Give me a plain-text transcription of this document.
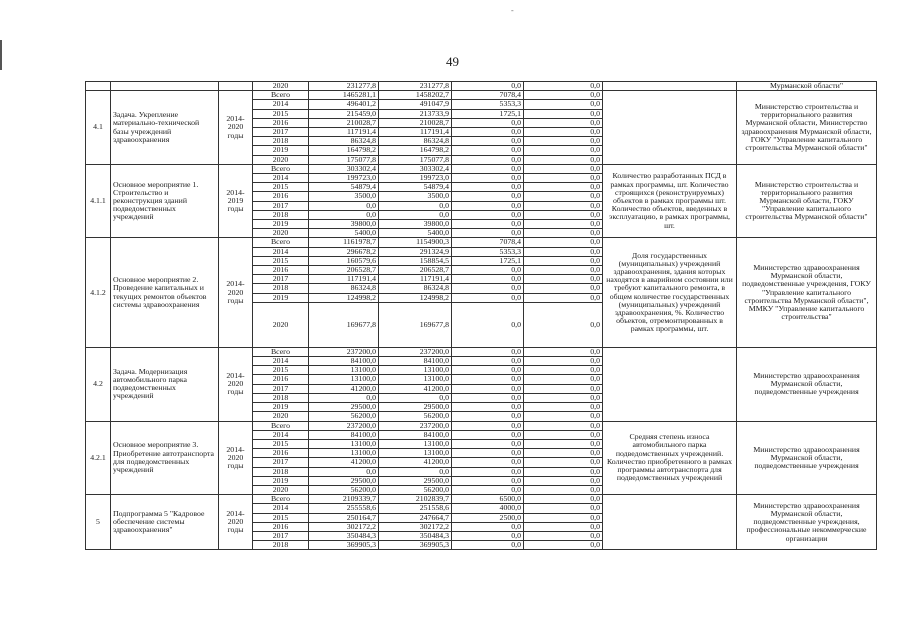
-
49
			2020	231277,8	231277,8	0,0	0,0		Мурманской области"
4.1	Задача. Укрепление материально-технической базы учреждений здравоохранения	2014-2020 годы	Всего	1465281,1	1458202,7	7078,4	0,0		Министерство строительства и территориального развития Мурманской области, Министерство здравоохранения Мурманской области, ГОКУ "Управление капитального строительства Мурманской области"
			2014	496401,2	491047,9	5353,3	0,0		
			2015	215459,0	213733,9	1725,1	0,0		
			2016	210028,7	210028,7	0,0	0,0		
			2017	117191,4	117191,4	0,0	0,0		
			2018	86324,8	86324,8	0,0	0,0		
			2019	164798,2	164798,2	0,0	0,0		
			2020	175077,8	175077,8	0,0	0,0		
4.1.1	Основное мероприятие 1. Строительство и реконструкция зданий подведомственных учреждений	2014-2019 годы	Всего	303302,4	303302,4	0,0	0,0	Количество разработанных ПСД в рамках программы, шт. Количество строящихся (реконструируемых) объектов в рамках программы шт. Количество объектов, введенных в эксплуатацию, в рамках программы, шт.	Министерство строительства и территориального развития Мурманской области, ГОКУ "Управление капитального строительства Мурманской области"
			2014	199723,0	199723,0	0,0	0,0		
			2015	54879,4	54879,4	0,0	0,0		
			2016	3500,0	3500,0	0,0	0,0		
			2017	0,0	0,0	0,0	0,0		
			2018	0,0	0,0	0,0	0,0		
			2019	39800,0	39800,0	0,0	0,0		
			2020	5400,0	5400,0	0,0	0,0		
4.1.2	Основное мероприятие 2. Проведение капитальных и текущих ремонтов объектов системы здравоохранения	2014-2020 годы	Всего	1161978,7	1154900,3	7078,4	0,0	Доля государственных (муниципальных) учреждений здравоохранения, здания которых находятся в аварийном состоянии или требуют капитального ремонта, в общем количестве государственных (муниципальных) учреждений здравоохранения, %. Количество объектов, отремонтированных в рамках программы, шт.	Министерство здравоохранения Мурманской области, подведомственные учреждения, ГОКУ "Управление капитального строительства Мурманской области", ММКУ "Управление капитального строительства"
			2014	296678,2	291324,9	5353,3	0,0		
			2015	160579,6	158854,5	1725,1	0,0		
			2016	206528,7	206528,7	0,0	0,0		
			2017	117191,4	117191,4	0,0	0,0		
			2018	86324,8	86324,8	0,0	0,0		
			2019	124998,2	124998,2	0,0	0,0		
			2020	169677,8	169677,8	0,0	0,0		
4.2	Задача. Модернизация автомобильного парка подведомственных учреждений	2014-2020 годы	Всего	237200,0	237200,0	0,0	0,0		Министерство здравоохранения Мурманской области, подведомственные учреждения
			2014	84100,0	84100,0	0,0	0,0		
			2015	13100,0	13100,0	0,0	0,0		
			2016	13100,0	13100,0	0,0	0,0		
			2017	41200,0	41200,0	0,0	0,0		
			2018	0,0	0,0	0,0	0,0		
			2019	29500,0	29500,0	0,0	0,0		
			2020	56200,0	56200,0	0,0	0,0		
4.2.1	Основное мероприятие 3. Приобретение автотранспорта для подведомственных учреждений	2014-2020 годы	Всего	237200,0	237200,0	0,0	0,0	Средняя степень износа автомобильного парка подведомственных учреждений. Количество приобретенного в рамках программы автотранспорта для подведомственных учреждений	Министерство здравоохранения Мурманской области, подведомственные учреждения
			2014	84100,0	84100,0	0,0	0,0		
			2015	13100,0	13100,0	0,0	0,0		
			2016	13100,0	13100,0	0,0	0,0		
			2017	41200,0	41200,0	0,0	0,0		
			2018	0,0	0,0	0,0	0,0		
			2019	29500,0	29500,0	0,0	0,0		
			2020	56200,0	56200,0	0,0	0,0		
5	Подпрограмма 5 "Кадровое обеспечение системы здравоохранения"	2014-2020 годы	Всего	2109339,7	2102839,7	6500,0	0,0		Министерство здравоохранения Мурманской области, подведомственные учреждения, профессиональные некоммерческие организации
			2014	255558,6	251558,6	4000,0	0,0		
			2015	250164,7	247664,7	2500,0	0,0		
			2016	302172,2	302172,2	0,0	0,0		
			2017	350484,3	350484,3	0,0	0,0		
			2018	369905,3	369905,3	0,0	0,0		
